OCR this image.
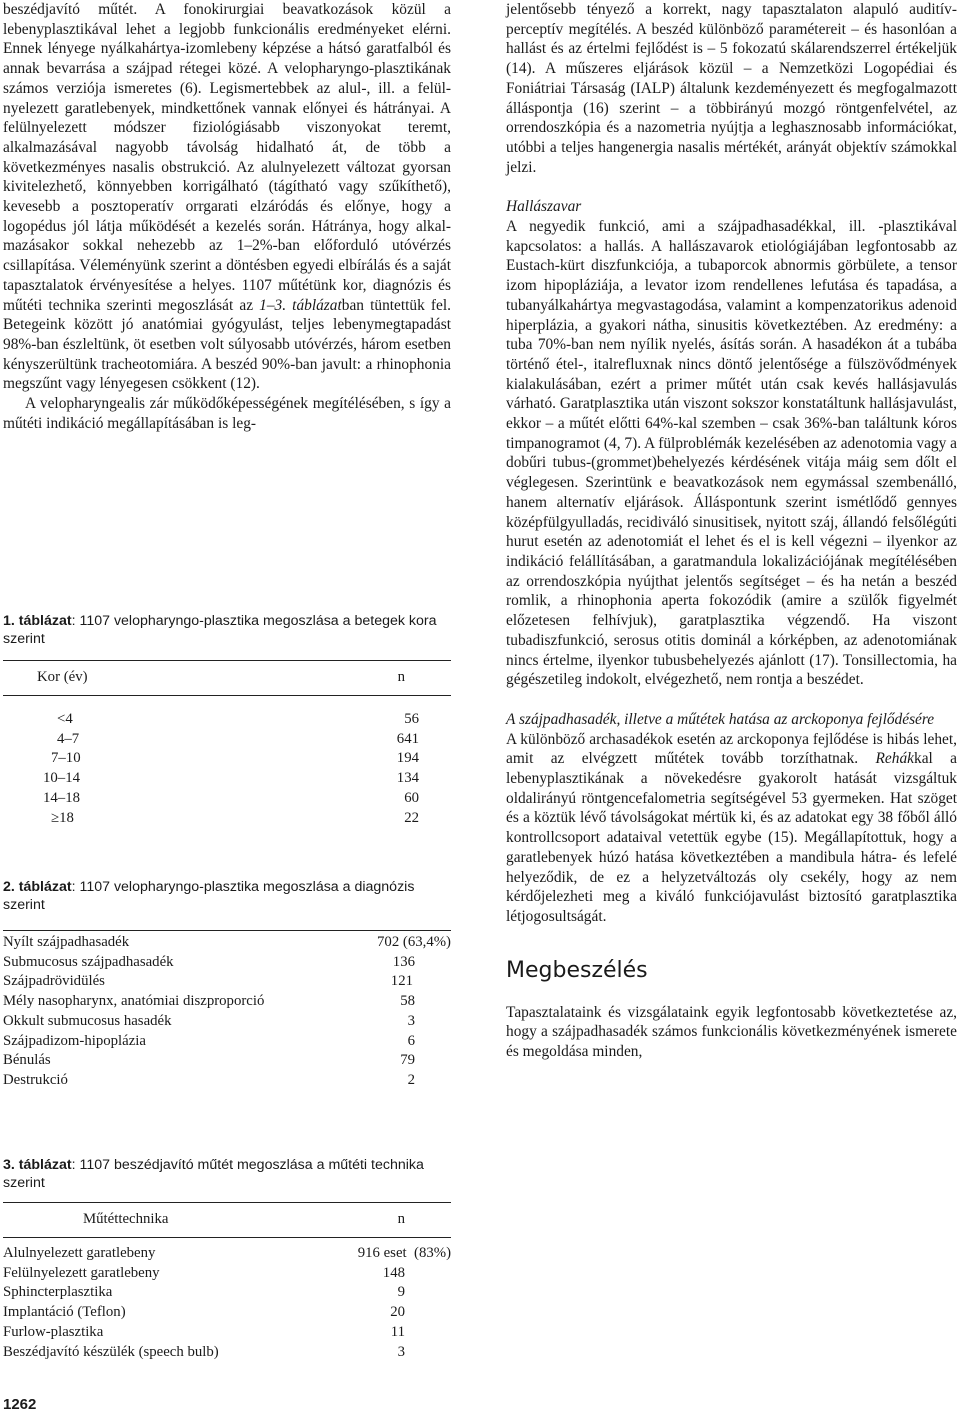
beszédjavító műtét. A fonokirurgiai beavatkozások közül a lebenyplasztikával lehet a legjobb funkcionális eredményeket elérni. Ennek lényege nyálkahártya-izomlebeny képzése a hátsó garatfalból és annak bevarrása a szájpad rétegei közé. A velopharyngo-plasztikának számos verziója ismeretes (6). Legismertebbek az alul-, ill. a felülnyelezett garatlebenyek, mindkettőnek vannak előnyei és hátrányai. A felülnyelezett módszer fiziológiásabb viszonyokat teremt, alkalmazásával nagyobb távolság hidalható át, de több a következményes nasalis obstrukció. Az alulnyelezett változat gyorsan kivitelezhető, könnyebben korrigálható (tágítható vagy szűkíthető), kevesebb a posztoperatív orrgarati elzáródás és előnye, hogy a logopédus jól látja működését a kezelés során. Hátránya, hogy alkalmazásakor sokkal nehezebb az 1–2%-ban előforduló utóvérzés csillapítása. Véleményünk szerint a döntésben egyedi elbírálás és a saját tapasztalatok érvényesítése a helyes. 1107 műtétünk kor, diagnózis és műtéti technika szerinti megoszlását az 1–3. táblázatban tüntettük fel. Betegeink között jó anatómiai gyógyulást, teljes lebenymegtapadást 98%-ban észleltünk, öt esetben volt súlyosabb utóvérzés, három esetben kényszerültünk tracheotomiára. A beszéd 90%-ban javult: a rhinophonia megszűnt vagy lényegesen csökkent (12).

A velopharyngealis zár működőképességének megítélésében, s így a műtéti indikáció megállapításában is leg-

1. táblázat: 1107 velopharyngo-plasztika megoszlása a betegek kora szerint

Kor (év)	n

<4	56
4–7	641
7–10	194
10–14	134
14–18	60
≥18	22

2. táblázat: 1107 velopharyngo-plasztika megoszlása a diagnózis szerint

Nyílt szájpadhasadék	702 (63,4%)
Submucosus szájpadhasadék	136
Szájpadrövidülés	121
Mély nasopharynx, anatómiai diszproporció	58
Okkult submucosus hasadék	3
Szájpadizom-hipoplázia	6
Bénulás	79
Destrukció	2

3. táblázat: 1107 beszédjavító műtét megoszlása a műtéti technika szerint

Műtéttechnika	n

Alulnyelezett garatlebeny	916 eset  (83%)
Felülnyelezett garatlebeny	148
Sphincterplasztika	9
Implantáció (Teflon)	20
Furlow-plasztika	11
Beszédjavító készülék (speech bulb)	3

jelentősebb tényező a korrekt, nagy tapasztalaton alapuló auditív-perceptív megítélés. A beszéd különböző paramétereit – és hasonlóan a hallást és az értelmi fejlődést is – 5 fokozatú skálarendszerrel értékeljük (14). A műszeres eljárások közül – a Nemzetközi Logopédiai és Foniátriai Társaság (IALP) általunk kezdeményezett és megfogalmazott álláspontja (16) szerint – a többirányú mozgó röntgenfelvétel, az orrendoszkópia és a nazometria nyújtja a leghasznosabb információkat, utóbbi a teljes hangenergia nasalis mértékét, arányát objektív számokkal jelzi.

Hallászavar

A negyedik funkció, ami a szájpadhasadékkal, ill. -plasztikával kapcsolatos: a hallás. A hallászavarok etiológiájában legfontosabb az Eustach-kürt diszfunkciója, a tubaporcok abnormis görbülete, a tensor izom hipopláziája, a levator izom rendellenes lefutása és tapadása, a tubanyálkahártya megvastagodása, valamint a kompenzatorikus adenoid hiperplázia, a gyakori nátha, sinusitis következtében. Az eredmény: a tuba 70%-ban nem nyílik nyelés, ásítás során. A hasadékon át a tubába történő étel-, italrefluxnak nincs döntő jelentősége a fülszövődmények kialakulásában, ezért a primer műtét után csak kevés hallásjavulás várható. Garatplasztika után viszont sokszor konstatáltunk hallásjavulást, ekkor – a műtét előtti 64%-kal szemben – csak 36%-ban találtunk kóros timpanogramot (4, 7). A fülproblémák kezelésében az adenotomia vagy a dobűri tubus-(grommet)behelyezés kérdésének vitája máig sem dőlt el véglegesen. Szerintünk e beavatkozások nem egymással szembenálló, hanem alternatív eljárások. Álláspontunk szerint ismétlődő gennyes középfülgyulladás, recidiváló sinusitisek, nyitott száj, állandó felsőlégúti hurut esetén az adenotomiát el lehet és el is kell végezni – ilyenkor az indikáció felállításában, a garatmandula lokalizációjának megítélésében az orrendoszkópia nyújthat jelentős segítséget – és ha netán a beszéd romlik, a rhinophonia aperta fokozódik (amire a szülők figyelmét előzetesen felhívjuk), garatplasztika végzendő. Ha viszont tubadiszfunkció, serosus otitis dominál a kórképben, az adenotomiának nincs értelme, ilyenkor tubusbehelyezés ajánlott (17). Tonsillectomia, ha gégészetileg indokolt, elvégezhető, nem rontja a beszédet.

A szájpadhasadék, illetve a műtétek hatása az arckoponya fejlődésére

A különböző archasadékok esetén az arckoponya fejlődése is hibás lehet, amit az elvégzett műtétek tovább torzíthatnak. Rehákkal a lebenyplasztikának a növekedésre gyakorolt hatását vizsgáltuk oldalirányú röntgencefalometria segítségével 53 gyermeken. Hat szöget és a köztük lévő távolságokat mértük ki, és az adatokat egy 38 főből álló kontrollcsoport adataival vetettük egybe (15). Megállapítottuk, hogy a garatlebenyek húzó hatása következtében a mandibula hátra- és lefelé helyeződik, de ez a helyzetváltozás oly csekély, hogy az nem kérdőjelezheti meg a kiváló funkciójavulást biztosító garatplasztika létjogosultságát.

Megbeszélés

Tapasztalataink és vizsgálataink egyik legfontosabb következtetése az, hogy a szájpadhasadék számos funkcionális következményének ismerete és megoldása minden,

1262
